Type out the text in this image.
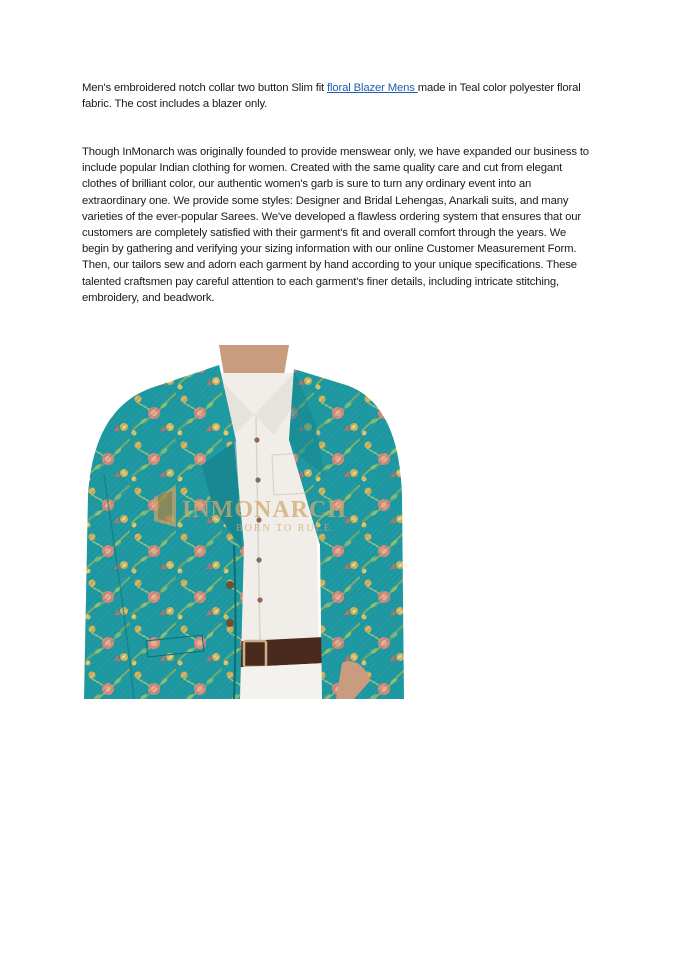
Men's embroidered notch collar two button Slim fit floral Blazer Mens made in Teal color polyester floral fabric. The cost includes a blazer only.

Though InMonarch was originally founded to provide menswear only, we have expanded our business to include popular Indian clothing for women. Created with the same quality care and cut from elegant clothes of brilliant color, our authentic women's garb is sure to turn any ordinary event into an extraordinary one. We provide some styles: Designer and Bridal Lehengas, Anarkali suits, and many varieties of the ever-popular Sarees. We've developed a flawless ordering system that ensures that our customers are completely satisfied with their garment's fit and overall comfort through the years. We begin by gathering and verifying your sizing information with our online Customer Measurement Form. Then, our tailors sew and adorn each garment by hand according to your unique specifications. These talented craftsmen pay careful attention to each garment's finer details, including intricate stitching, embroidery, and beadwork.

INMONARCH
BORN TO RULE
